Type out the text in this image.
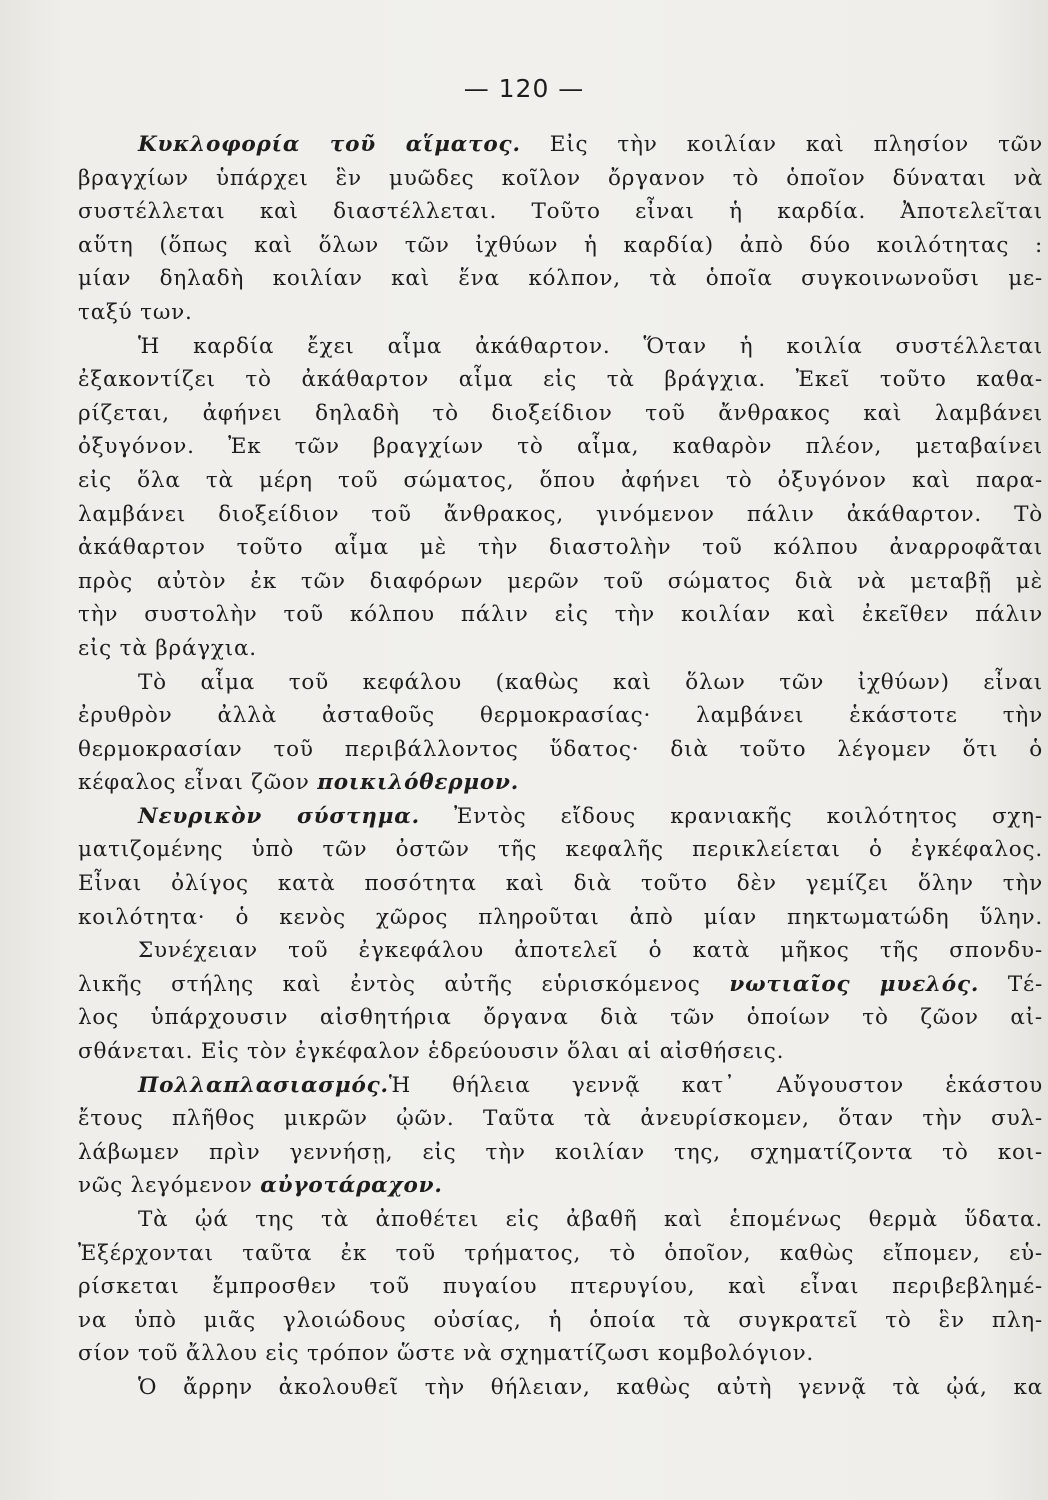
— 120 —
Κυκλοφορία τοῦ αἵματος. Εἰς τὴν κοιλίαν καὶ πλησίον τῶν
βραγχίων ὑπάρχει ἓν μυῶδες κοῖλον ὄργανον τὸ ὁποῖον δύναται νὰ
συστέλλεται καὶ διαστέλλεται. Τοῦτο εἶναι ἡ καρδία. Ἀποτελεῖται
αὕτη (ὅπως καὶ ὅλων τῶν ἰχθύων ἡ καρδία) ἀπὸ δύο κοιλότητας :
μίαν δηλαδὴ κοιλίαν καὶ ἕνα κόλπον, τὰ ὁποῖα συγκοινωνοῦσι με-
ταξύ των.
Ἡ καρδία ἔχει αἷμα ἀκάθαρτον. Ὅταν ἡ κοιλία συστέλλεται
ἐξακοντίζει τὸ ἀκάθαρτον αἷμα εἰς τὰ βράγχια. Ἐκεῖ τοῦτο καθα-
ρίζεται, ἀφήνει δηλαδὴ τὸ διοξείδιον τοῦ ἄνθρακος καὶ λαμβάνει
ὀξυγόνον. Ἐκ τῶν βραγχίων τὸ αἷμα, καθαρὸν πλέον, μεταβαίνει
εἰς ὅλα τὰ μέρη τοῦ σώματος, ὅπου ἀφήνει τὸ ὀξυγόνον καὶ παρα-
λαμβάνει διοξείδιον τοῦ ἄνθρακος, γινόμενον πάλιν ἀκάθαρτον. Τὸ
ἀκάθαρτον τοῦτο αἷμα μὲ τὴν διαστολὴν τοῦ κόλπου ἀναρροφᾶται
πρὸς αὐτὸν ἐκ τῶν διαφόρων μερῶν τοῦ σώματος διὰ νὰ μεταβῇ μὲ
τὴν συστολὴν τοῦ κόλπου πάλιν εἰς τὴν κοιλίαν καὶ ἐκεῖθεν πάλιν
εἰς τὰ βράγχια.
Τὸ αἷμα τοῦ κεφάλου (καθὼς καὶ ὅλων τῶν ἰχθύων) εἶναι
ἐρυθρὸν ἀλλὰ ἀσταθοῦς θερμοκρασίας· λαμβάνει ἑκάστοτε τὴν
θερμοκρασίαν τοῦ περιβάλλοντος ὕδατος· διὰ τοῦτο λέγομεν ὅτι ὁ
κέφαλος εἶναι ζῶον ποικιλόθερμον.
Νευρικὸν σύστημα. Ἐντὸς εἴδους κρανιακῆς κοιλότητος σχη-
ματιζομένης ὑπὸ τῶν ὀστῶν τῆς κεφαλῆς περικλείεται ὁ ἐγκέφαλος.
Εἶναι ὀλίγος κατὰ ποσότητα καὶ διὰ τοῦτο δὲν γεμίζει ὅλην τὴν
κοιλότητα· ὁ κενὸς χῶρος πληροῦται ἀπὸ μίαν πηκτωματώδη ὕλην.
Συνέχειαν τοῦ ἐγκεφάλου ἀποτελεῖ ὁ κατὰ μῆκος τῆς σπονδυ-
λικῆς στήλης καὶ ἐντὸς αὐτῆς εὑρισκόμενος νωτιαῖος μυελός. Τέ-
λος ὑπάρχουσιν αἰσθητήρια ὄργανα διὰ τῶν ὁποίων τὸ ζῶον αἰ-
σθάνεται. Εἰς τὸν ἐγκέφαλον ἑδρεύουσιν ὅλαι αἱ αἰσθήσεις.
Πολλαπλασιασμός.Ἡ θήλεια γεννᾷ κατ᾿ Αὔγουστον ἑκάστου
ἔτους πλῆθος μικρῶν ᾠῶν. Ταῦτα τὰ ἀνευρίσκομεν, ὅταν τὴν συλ-
λάβωμεν πρὶν γεννήσῃ, εἰς τὴν κοιλίαν της, σχηματίζοντα τὸ κοι-
νῶς λεγόμενον αὐγοτάραχον.
Τὰ ᾠά της τὰ ἀποθέτει εἰς ἀβαθῆ καὶ ἑπομένως θερμὰ ὕδατα.
Ἐξέρχονται ταῦτα ἐκ τοῦ τρήματος, τὸ ὁποῖον, καθὼς εἴπομεν, εὑ-
ρίσκεται ἔμπροσθεν τοῦ πυγαίου πτερυγίου, καὶ εἶναι περιβεβλημέ-
να ὑπὸ μιᾶς γλοιώδους οὐσίας, ἡ ὁποία τὰ συγκρατεῖ τὸ ἓν πλη-
σίον τοῦ ἄλλου εἰς τρόπον ὥστε νὰ σχηματίζωσι κομβολόγιον.
Ὁ ἄρρην ἀκολουθεῖ τὴν θήλειαν, καθὼς αὐτὴ γεννᾷ τὰ ᾠά, κα
